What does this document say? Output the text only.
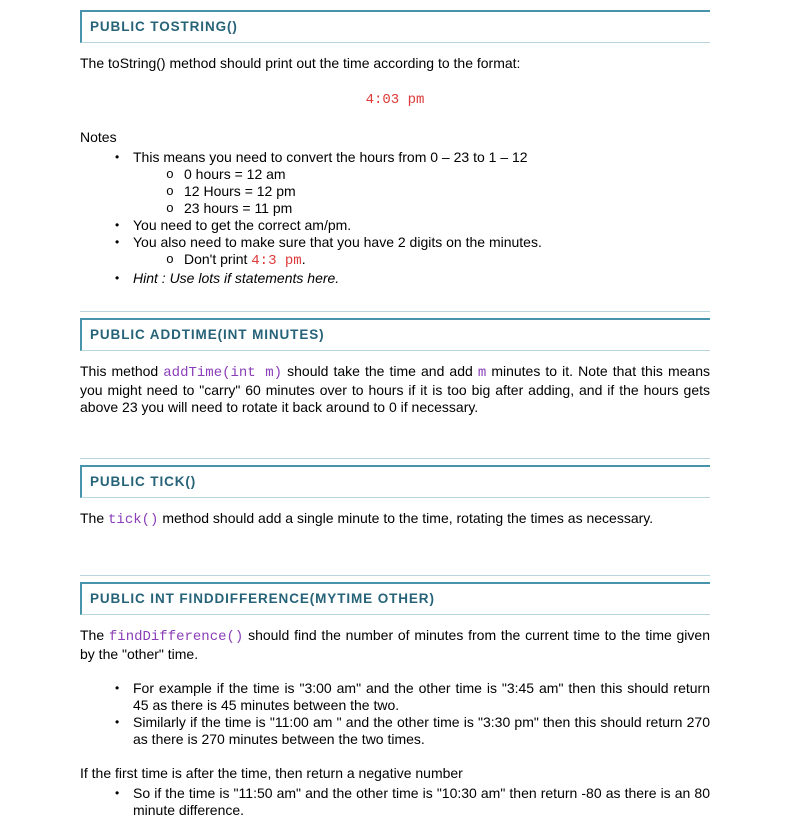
PUBLIC TOSTRING()
The toString() method should print out the time according to the format:
4:03 pm
Notes
• This means you need to convert the hours from 0 – 23 to 1 – 12
o 0 hours = 12 am
o 12 Hours = 12 pm
o 23 hours = 11 pm
• You need to get the correct am/pm.
• You also need to make sure that you have 2 digits on the minutes.
o Don't print 4:3 pm.
• Hint : Use lots if statements here.
PUBLIC ADDTIME(INT MINUTES)
This method addTime(int m) should take the time and add m minutes to it. Note that this means you might need to "carry" 60 minutes over to hours if it is too big after adding, and if the hours gets above 23 you will need to rotate it back around to 0 if necessary.
PUBLIC TICK()
The tick() method should add a single minute to the time, rotating the times as necessary.
PUBLIC INT FINDDIFFERENCE(MYTIME OTHER)
The findDifference() should find the number of minutes from the current time to the time given by the "other" time.
• For example if the time is "3:00 am" and the other time is "3:45 am" then this should return 45 as there is 45 minutes between the two.
• Similarly if the time is "11:00 am " and the other time is "3:30 pm" then this should return 270 as there is 270 minutes between the two times.
If the first time is after the time, then return a negative number
• So if the time is "11:50 am" and the other time is "10:30 am" then return -80 as there is an 80 minute difference.
